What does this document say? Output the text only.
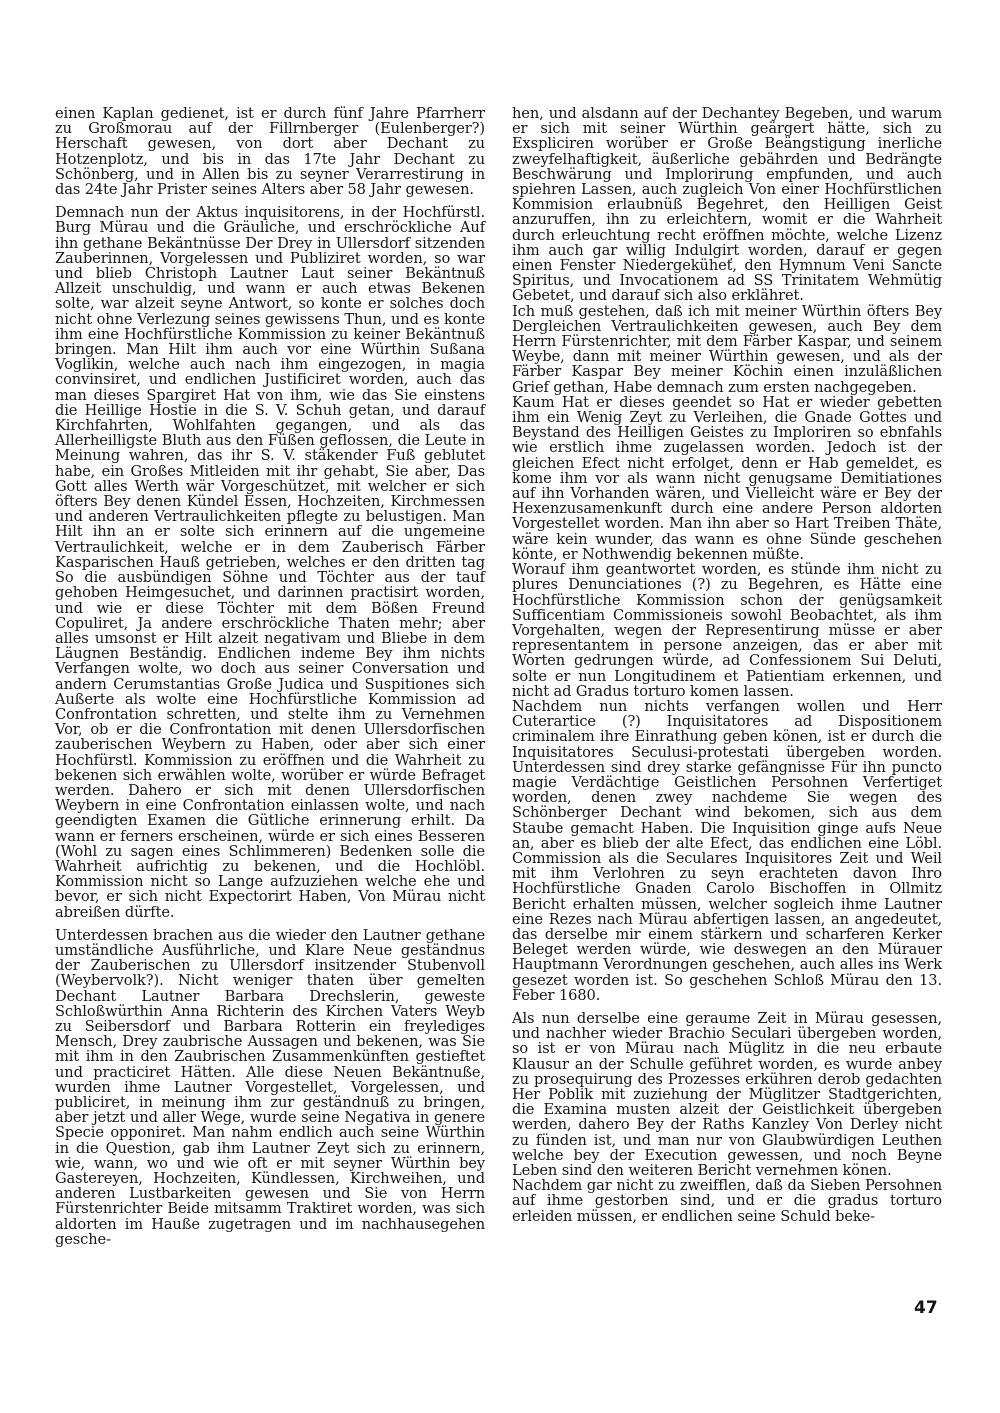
einen Kaplan gedienet, ist er durch fünf Jahre Pfarrherr zu Großmorau auf der Fillrnberger (Eulenberger?) Herschaft gewesen, von dort aber Dechant zu Hotzenplotz, und bis in das 17te Jahr Dechant zu Schönberg, und in Allen bis zu seyner Verarrestirung in das 24te Jahr Prister seines Alters aber 58 Jahr gewesen.

Demnach nun der Aktus inquisitorens, in der Hochfürstl. Burg Mürau und die Gräuliche, und erschröckliche Auf ihn gethane Bekäntnüsse Der Drey in Ullersdorf sitzenden Zauberinnen, Vorgelessen und Publiziret worden, so war und blieb Christoph Lautner Laut seiner Bekäntnuß Allzeit unschuldig, und wann er auch etwas Bekenen solte, war alzeit seyne Antwort, so konte er solches doch nicht ohne Verlezung seines gewissens Thun, und es konte ihm eine Hochfürstliche Kommission zu keiner Bekäntnuß bringen. Man Hilt ihm auch vor eine Würthin Sußana Voglikin, welche auch nach ihm eingezogen, in magia convinsiret, und endlichen Justificiret worden, auch das man dieses Spargiret Hat von ihm, wie das Sie einstens die Heillige Hostie in die S. V. Schuh getan, und darauf Kirchfahrten, Wohlfahten gegangen, und als das Allerheilligste Bluth aus den Füßen geflossen, die Leute in Meinung wahren, das ihr S. V. stäkender Fuß geblutet habe, ein Großes Mitleiden mit ihr gehabt, Sie aber, Das Gott alles Werth wär Vorgeschützet, mit welcher er sich öfters Bey denen Kündel Essen, Hochzeiten, Kirchmessen und anderen Vertraulichkeiten pflegte zu belustigen. Man Hilt ihn an er solte sich erinnern auf die ungemeine Vertraulichkeit, welche er in dem Zauberisch Färber Kasparischen Hauß getrieben, welches er den dritten tag So die ausbündigen Söhne und Töchter aus der tauf gehoben Heimgesuchet, und darinnen practisirt worden, und wie er diese Töchter mit dem Bößen Freund Copuliret, Ja andere erschröckliche Thaten mehr; aber alles umsonst er Hilt alzeit negativam und Bliebe in dem Läugnen Beständig. Endlichen indeme Bey ihm nichts Verfangen wolte, wo doch aus seiner Conversation und andern Cerumstantias Große Judica und Suspitiones sich Außerte als wolte eine Hochfürstliche Kommission ad Confrontation schretten, und stelte ihm zu Vernehmen Vor, ob er die Confrontation mit denen Ullersdorfischen zauberischen Weybern zu Haben, oder aber sich einer Hochfürstl. Kommission zu eröffnen und die Wahrheit zu bekenen sich erwählen wolte, worüber er würde Befraget werden. Dahero er sich mit denen Ullersdorfischen Weybern in eine Confrontation einlassen wolte, und nach geendigten Examen die Gütliche erinnerung erhilt. Da wann er ferners erscheinen, würde er sich eines Besseren (Wohl zu sagen eines Schlimmeren) Bedenken solle die Wahrheit aufrichtig zu bekenen, und die Hochlöbl. Kommission nicht so Lange aufzuziehen welche ehe und bevor, er sich nicht Expectorirt Haben, Von Mürau nicht abreißen dürfte.

Unterdessen brachen aus die wieder den Lautner gethane umständliche Ausführliche, und Klare Neue geständnus der Zauberischen zu Ullersdorf insitzender Stubenvoll (Weybervolk?). Nicht weniger thaten über gemelten Dechant Lautner Barbara Drechslerin, geweste Schloßwürthin Anna Richterin des Kirchen Vaters Weyb zu Seibersdorf und Barbara Rotterin ein freylediges Mensch, Drey zaubrische Aussagen und bekenen, was Sie mit ihm in den Zaubrischen Zusammenkünften gestieftet und practiciret Hätten. Alle diese Neuen Bekäntnuße, wurden ihme Lautner Vorgestellet, Vorgelessen, und publiciret, in meinung ihm zur geständnuß zu bringen, aber jetzt und aller Wege, wurde seine Negativa in genere Specie opponiret. Man nahm endlich auch seine Würthin in die Question, gab ihm Lautner Zeyt sich zu erinnern, wie, wann, wo und wie oft er mit seyner Würthin bey Gastereyen, Hochzeiten, Kündlessen, Kirchweihen, und anderen Lustbarkeiten gewesen und Sie von Herrn Fürstenrichter Beide mitsamm Traktiret worden, was sich aldorten im Hauße zugetragen und im nachhausegehen gesche-

hen, und alsdann auf der Dechantey Begeben, und warum er sich mit seiner Würthin geärgert hätte, sich zu Exspliciren worüber er Große Beängstigung inerliche zweyfelhaftigkeit, äußerliche gebährden und Bedrängte Beschwärung und Implorirung empfunden, und auch spiehren Lassen, auch zugleich Von einer Hochfürstlichen Kommision erlaubnüß Begehret, den Heilligen Geist anzuruffen, ihn zu erleichtern, womit er die Wahrheit durch erleuchtung recht eröffnen möchte, welche Lizenz ihm auch gar willig Indulgirt worden, darauf er gegen einen Fenster Niedergeküheť, den Hymnum Veni Sancte Spiritus, und Invocationem ad SS Trinitatem Wehmütig Gebetet, und darauf sich also erklähret.

Ich muß gestehen, daß ich mit meiner Würthin öfters Bey Dergleichen Vertraulichkeiten gewesen, auch Bey dem Herrn Fürstenrichter, mit dem Färber Kaspar, und seinem Weybe, dann mit meiner Würthin gewesen, und als der Färber Kaspar Bey meiner Köchin einen inzuläßlichen Grief gethan, Habe demnach zum ersten nachgegeben.

Kaum Hat er dieses geendet so Hat er wieder gebetten ihm ein Wenig Zeyt zu Verleihen, die Gnade Gottes und Beystand des Heilligen Geistes zu Imploriren so ebnfahls wie erstlich ihme zugelassen worden. Jedoch ist der gleichen Efect nicht erfolget, denn er Hab gemeldet, es kome ihm vor als wann nicht genugsame Demitiationes auf ihn Vorhanden wären, und Vielleicht wäre er Bey der Hexenzusamenkunft durch eine andere Person aldorten Vorgestellet worden. Man ihn aber so Hart Treiben Thäte, wäre kein wunder, das wann es ohne Sünde geschehen könte, er Nothwendig bekennen müßte.

Worauf ihm geantwortet worden, es stünde ihm nicht zu plures Denunciationes (?) zu Begehren, es Hätte eine Hochfürstliche Kommission schon der genügsamkeit Sufficentiam Commissioneis sowohl Beobachtet, als ihm Vorgehalten, wegen der Representirung müsse er aber representantem in persone anzeigen, das er aber mit Worten gedrungen würde, ad Confessionem Sui Deluti, solte er nun Longitudinem et Patientiam erkennen, und nicht ad Gradus torturo komen lassen.

Nachdem nun nichts verfangen wollen und Herr Cuterartice (?) Inquisitatores ad Dispositionem criminalem ihre Einrathung geben könen, ist er durch die Inquisitatores Seculusi-protestati übergeben worden. Unterdessen sind drey starke gefängnisse Für ihn puncto magie Verdächtige Geistlichen Persohnen Verfertiget worden, denen zwey nachdeme Sie wegen des Schönberger Dechant wind bekomen, sich aus dem Staube gemacht Haben. Die Inquisition ginge aufs Neue an, aber es blieb der alte Efect, das endlichen eine Löbl. Commission als die Seculares Inquisitores Zeit und Weil mit ihm Verlohren zu seyn erachteten davon Ihro Hochfürstliche Gnaden Carolo Bischoffen in Ollmitz Bericht erhalten müssen, welcher sogleich ihme Lautner eine Rezes nach Mürau abfertigen lassen, an angedeutet, das derselbe mir einem stärkern und scharferen Kerker Beleget werden würde, wie deswegen an den Mürauer Hauptmann Verordnungen geschehen, auch alles ins Werk gesezet worden ist. So geschehen Schloß Mürau den 13. Feber 1680.

Als nun derselbe eine geraume Zeit in Mürau gesessen, und nachher wieder Brachio Seculari übergeben worden, so ist er von Mürau nach Müglitz in die neu erbaute Klausur an der Schulle geführet worden, es wurde anbey zu prosequirung des Prozesses erkühren derob gedachten Her Poblik mit zuziehung der Müglitzer Stadtgerichten, die Examina musten alzeit der Geistlichkeit übergeben werden, dahero Bey der Raths Kanzley Von Derley nicht zu fünden ist, und man nur von Glaubwürdigen Leuthen welche bey der Execution gewessen, und noch Beyne Leben sind den weiteren Bericht vernehmen könen.

Nachdem gar nicht zu zweifflen, daß da Sieben Persohnen auf ihme gestorben sind, und er die gradus torturo erleiden müssen, er endlichen seine Schuld beke-

47
